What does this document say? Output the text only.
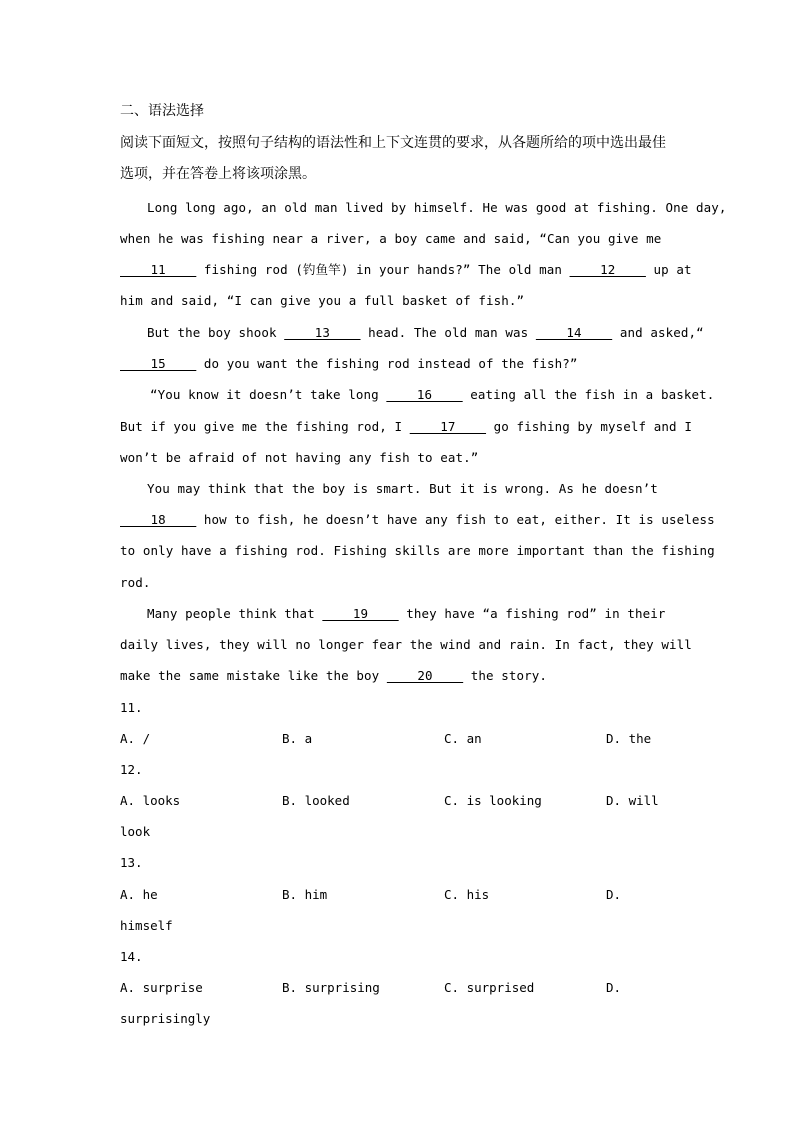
二、语法选择
阅读下面短文，按照句子结构的语法性和上下文连贯的要求，从各题所给的项中选出最佳
选项，并在答卷上将该项涂黑。
Long long ago, an old man lived by himself. He was good at fishing. One day,
when he was fishing near a river, a boy came and said, “Can you give me
____11____ fishing rod (钓鱼竿) in your hands?” The old man ____12____ up at
him and said, “I can give you a full basket of fish.”
But the boy shook ____13____ head. The old man was ____14____ and asked,“
____15____ do you want the fishing rod instead of the fish?”
“You know it doesn’t take long ____16____ eating all the fish in a basket.
But if you give me the fishing rod, I ____17____ go fishing by myself and I
won’t be afraid of not having any fish to eat.”
You may think that the boy is smart. But it is wrong. As he doesn’t
____18____ how to fish, he doesn’t have any fish to eat, either. It is useless
to only have a fishing rod. Fishing skills are more important than the fishing
rod.
Many people think that ____19____ they have “a fishing rod” in their
daily lives, they will no longer fear the wind and rain. In fact, they will
make the same mistake like the boy ____20____ the story.
11.
A. /	B. a	C. an	D. the
12.
A. looks	B. looked	C. is looking	D. will
look
13.
A. he	B. him	C. his	D.
himself
14.
A. surprise	B. surprising	C. surprised	D.
surprisingly
